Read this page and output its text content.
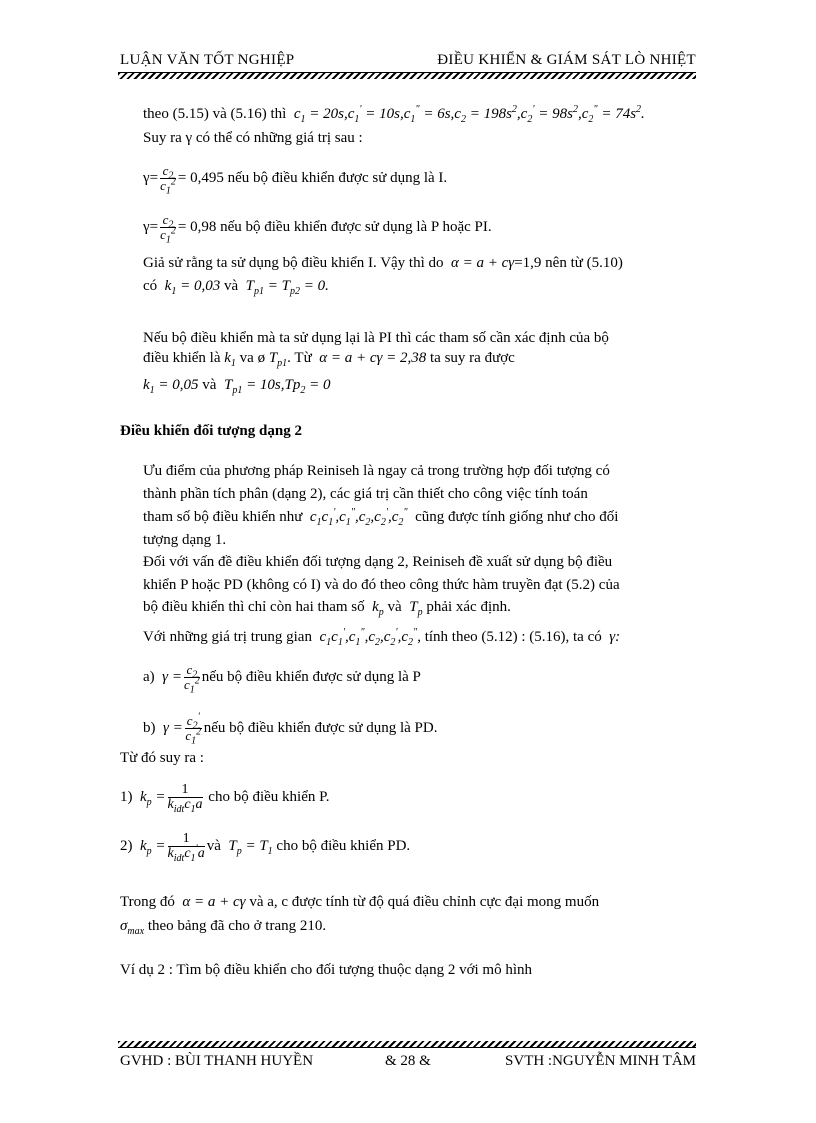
LUẬN VĂN TỐT NGHIỆP	ĐIỀU KHIỂN & GIÁM SÁT LÒ NHIỆT
theo (5.15) và (5.16) thì  $c_1 = 20s,c_1' = 10s,c_1^" = 6s,c_2 = 198s^2,c_2' = 98s^2,c_2^" = 74s^2$.
Suy ra γ có thể có những giá trị sau :
$\gamma= \frac{c_2}{c_1^2} = 0,495$ nếu bộ điều khiển được sử dụng là I.
$\gamma= \frac{c_2}{c_1^2} = 0,98$ nếu bộ điều khiển được sử dụng là P hoặc PI.
Giả sử rằng ta sử dụng bộ điều khiển I. Vậy thì do  α = a + cγ=1,9 nên từ (5.10)
có  $k_1 = 0,03$ và  $T_{p1} = T_{p2} = 0$.
Nếu bộ điều khiển mà ta sử dụng lại là PI thì các tham số cần xác định của bộ
điều khiển là $k_1$ va ø $T_{p1}$. Từ  α = a + cγ = 2,38 ta suy ra được
$k_1 = 0,05$ và  $T_{p1} = 10s,Tp_2 = 0$
Điều khiển đối tượng dạng 2
Ưu điểm của phương pháp Reiniseh là ngay cả trong trường hợp đối tượng có
thành phần tích phân (dạng 2), các giá trị cần thiết cho công việc tính toán
tham số bộ điều khiển như  $c_1c_1',c_1^",c_2,c_2',c_2^"$ cũng được tính giống như cho đối
tượng dạng 1.
Đối với vấn đề điều khiển đối tượng dạng 2, Reiniseh đề xuất sử dụng bộ điều
khiển P hoặc PD (không có I) và do đó theo công thức hàm truyền đạt (5.2) của
bộ điều khiển thì chỉ còn hai tham số  $k_p$ và  $T_p$ phải xác định.
Với những giá trị trung gian  $c_1c_1',c_1^",c_2,c_2',c_2^"$, tính theo (5.12) : (5.16), ta có  γ:
a)  $\gamma = \frac{c_2}{c_1^2}$ nếu bộ điều khiển được sử dụng là P
b)  $\gamma = \frac{c_2'}{c_1^2}$ nếu bộ điều khiển được sử dụng là PD.
Từ đó suy ra :
1)  $k_p = \frac{1}{k_{idt}c_1a}$ cho bộ điều khiển P.
2)  $k_p = \frac{1}{k_{idt}c_1'a}$ và  $T_p = T_1$ cho bộ điều khiển PD.
Trong đó  α = a + cγ và a, c được tính từ độ quá điều chỉnh cực đại mong muốn
$\sigma_{max}$ theo bảng đã cho ở trang 210.
Ví dụ 2 : Tìm bộ điều khiển cho đối tượng thuộc dạng 2 với mô hình
GVHD : BÙI THANH HUYỀN	& 28 &	SVTH :NGUYỄN MINH TÂM
